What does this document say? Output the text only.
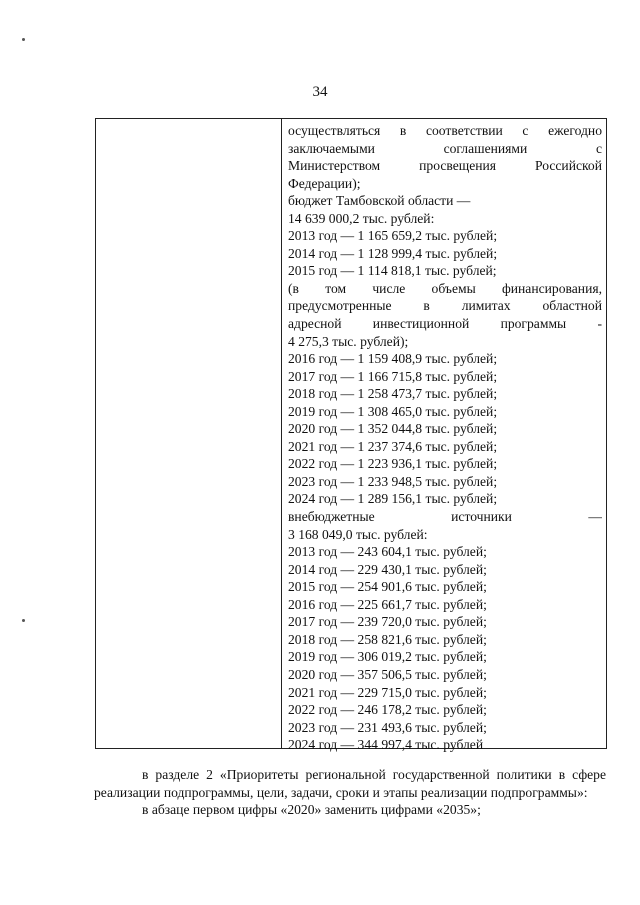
34
осуществляться в соответствии с ежегодно
заключаемыми соглашениями с
Министерством просвещения Российской
Федерации);
бюджет Тамбовской области —
14 639 000,2 тыс. рублей:
2013 год — 1 165 659,2 тыс. рублей;
2014 год — 1 128 999,4 тыс. рублей;
2015 год — 1 114 818,1 тыс. рублей;
(в том числе объемы финансирования,
предусмотренные в лимитах областной
адресной инвестиционной программы -
4 275,3 тыс. рублей);
2016 год — 1 159 408,9 тыс. рублей;
2017 год — 1 166 715,8 тыс. рублей;
2018 год — 1 258 473,7 тыс. рублей;
2019 год — 1 308 465,0 тыс. рублей;
2020 год — 1 352 044,8 тыс. рублей;
2021 год — 1 237 374,6 тыс. рублей;
2022 год — 1 223 936,1 тыс. рублей;
2023 год — 1 233 948,5 тыс. рублей;
2024 год — 1 289 156,1 тыс. рублей;
внебюджетные источники —
3 168 049,0 тыс. рублей:
2013 год — 243 604,1 тыс. рублей;
2014 год — 229 430,1 тыс. рублей;
2015 год — 254 901,6 тыс. рублей;
2016 год — 225 661,7 тыс. рублей;
2017 год — 239 720,0 тыс. рублей;
2018 год — 258 821,6 тыс. рублей;
2019 год — 306 019,2 тыс. рублей;
2020 год — 357 506,5 тыс. рублей;
2021 год — 229 715,0 тыс. рублей;
2022 год — 246 178,2 тыс. рублей;
2023 год — 231 493,6 тыс. рублей;
2024 год — 344 997,4 тыс. рублей
в разделе 2 «Приоритеты региональной государственной политики в сфере реализации подпрограммы, цели, задачи, сроки и этапы реализации подпрограммы»:
в абзаце первом цифры «2020» заменить цифрами «2035»;
